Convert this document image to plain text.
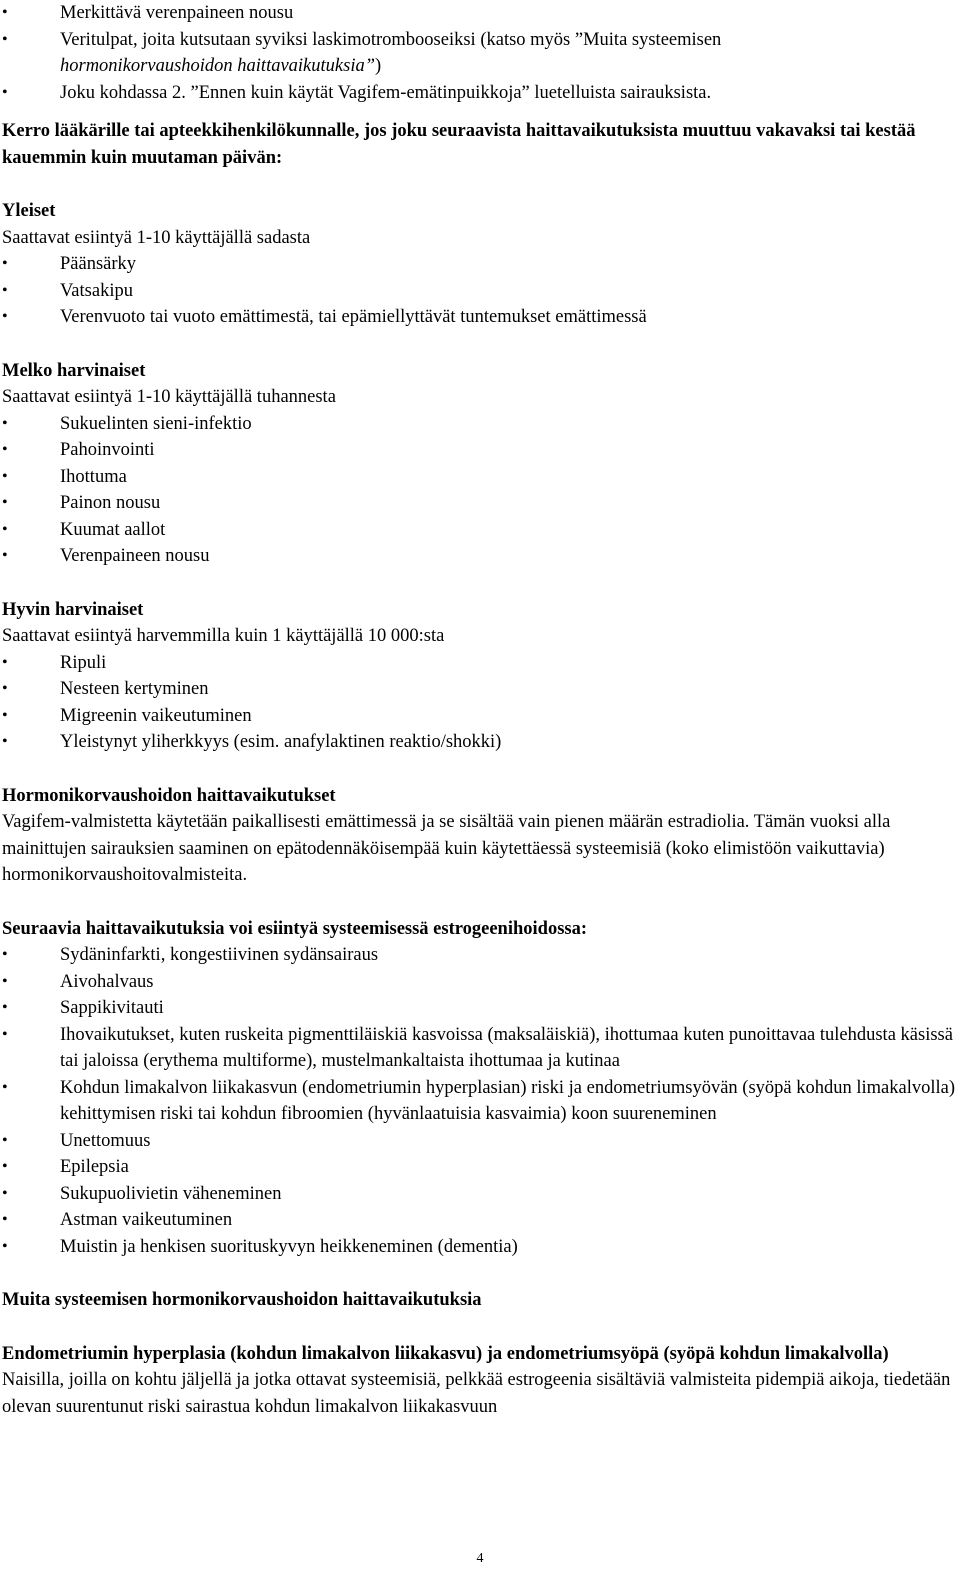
• Merkittävä verenpaineen nousu
• Veritulpat, joita kutsutaan syviksi laskimotrombooseiksi (katso myös ”Muita systeemisen
hormonikorvaushoidon haittavaikutuksia”)
• Joku kohdassa 2. ”Ennen kuin käytät Vagifem-emätinpuikkoja” luetelluista sairauksista.

Kerro lääkärille tai apteekkihenkilökunnalle, jos joku seuraavista haittavaikutuksista muuttuu vakavaksi tai kestää kauemmin kuin muutaman päivän:

Yleiset

Saattavat esiintyä 1-10 käyttäjällä sadasta

• Päänsärky
• Vatsakipu
• Verenvuoto tai vuoto emättimestä, tai epämiellyttävät tuntemukset emättimessä

Melko harvinaiset

Saattavat esiintyä 1-10 käyttäjällä tuhannesta

• Sukuelinten sieni-infektio
• Pahoinvointi
• Ihottuma
• Painon nousu
• Kuumat aallot
• Verenpaineen nousu

Hyvin harvinaiset

Saattavat esiintyä harvemmilla kuin 1 käyttäjällä 10 000:sta

• Ripuli
• Nesteen kertyminen
• Migreenin vaikeutuminen
• Yleistynyt yliherkkyys (esim. anafylaktinen reaktio/shokki)

Hormonikorvaushoidon haittavaikutukset

Vagifem-valmistetta käytetään paikallisesti emättimessä ja se sisältää vain pienen määrän estradiolia. Tämän vuoksi alla mainittujen sairauksien saaminen on epätodennäköisempää kuin käytettäessä systeemisiä (koko elimistöön vaikuttavia) hormonikorvaushoitovalmisteita.

Seuraavia haittavaikutuksia voi esiintyä systeemisessä estrogeenihoidossa:

• Sydäninfarkti, kongestiivinen sydänsairaus
• Aivohalvaus
• Sappikivitauti
• Ihovaikutukset, kuten ruskeita pigmenttiläiskiä kasvoissa (maksaläiskiä), ihottumaa kuten punoittavaa tulehdusta käsissä tai jaloissa (erythema multiforme), mustelmankaltaista ihottumaa ja kutinaa
• Kohdun limakalvon liikakasvun (endometriumin hyperplasian) riski ja endometriumsyövän (syöpä kohdun limakalvolla) kehittymisen riski tai kohdun fibroomien (hyvänlaatuisia kasvaimia) koon suureneminen
• Unettomuus
• Epilepsia
• Sukupuolivietin väheneminen
• Astman vaikeutuminen
• Muistin ja henkisen suorituskyvyn heikkeneminen (dementia)

Muita systeemisen hormonikorvaushoidon haittavaikutuksia

Endometriumin hyperplasia (kohdun limakalvon liikakasvu) ja endometriumsyöpä (syöpä kohdun limakalvolla)

Naisilla, joilla on kohtu jäljellä ja jotka ottavat systeemisiä, pelkkää estrogeenia sisältäviä valmisteita pidempiä aikoja, tiedetään olevan suurentunut riski sairastua kohdun limakalvon liikakasvuun

4
